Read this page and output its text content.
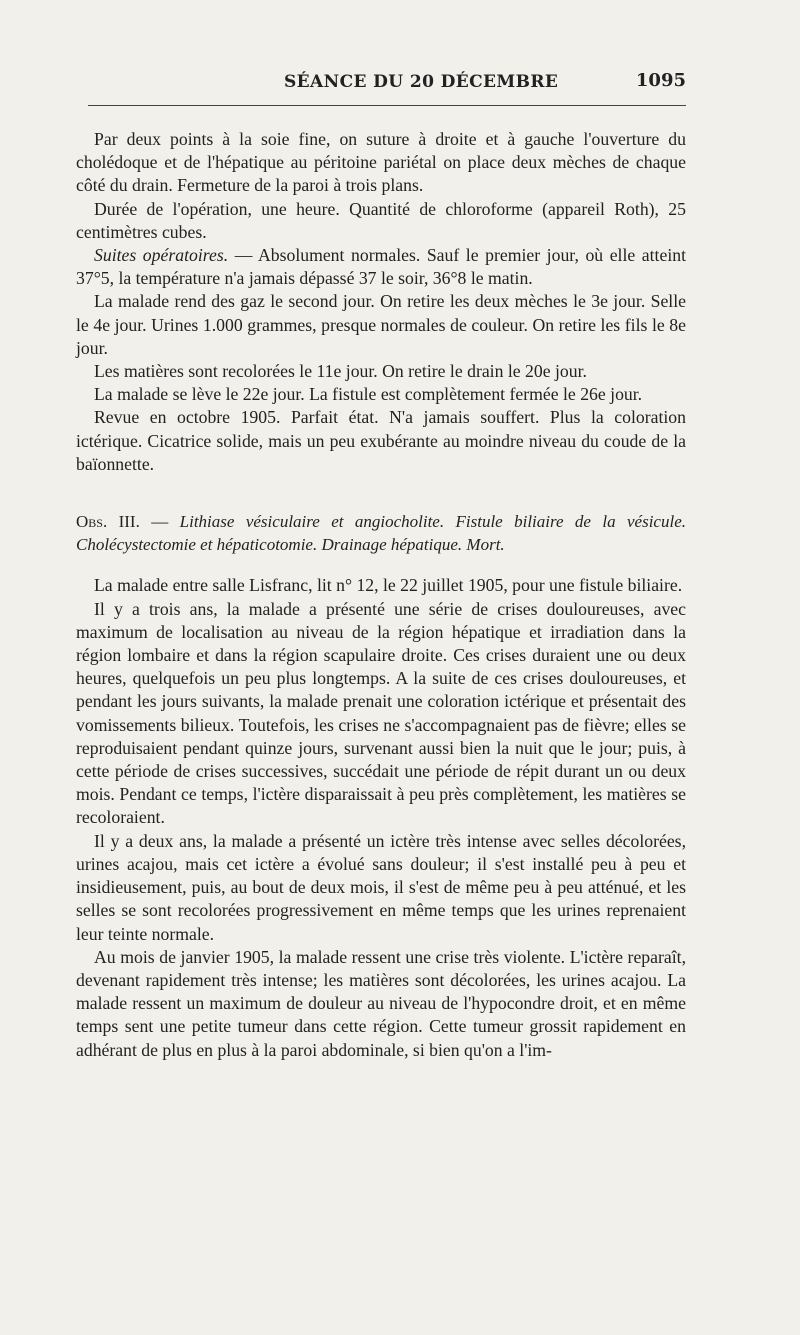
SÉANCE DU 20 DÉCEMBRE	1095

Par deux points à la soie fine, on suture à droite et à gauche l'ouverture du cholédoque et de l'hépatique au péritoine pariétal on place deux mèches de chaque côté du drain. Fermeture de la paroi à trois plans.

Durée de l'opération, une heure. Quantité de chloroforme (appareil Roth), 25 centimètres cubes.

Suites opératoires. — Absolument normales. Sauf le premier jour, où elle atteint 37°5, la température n'a jamais dépassé 37 le soir, 36°8 le matin.

La malade rend des gaz le second jour. On retire les deux mèches le 3e jour. Selle le 4e jour. Urines 1.000 grammes, presque normales de couleur. On retire les fils le 8e jour.

Les matières sont recolorées le 11e jour. On retire le drain le 20e jour.

La malade se lève le 22e jour. La fistule est complètement fermée le 26e jour.

Revue en octobre 1905. Parfait état. N'a jamais souffert. Plus la coloration ictérique. Cicatrice solide, mais un peu exubérante au moindre niveau du coude de la baïonnette.

Obs. III. — Lithiase vésiculaire et angiocholite. Fistule biliaire de la vésicule. Cholécystectomie et hépaticotomie. Drainage hépatique. Mort.

La malade entre salle Lisfranc, lit n° 12, le 22 juillet 1905, pour une fistule biliaire.

Il y a trois ans, la malade a présenté une série de crises douloureuses, avec maximum de localisation au niveau de la région hépatique et irradiation dans la région lombaire et dans la région scapulaire droite. Ces crises duraient une ou deux heures, quelquefois un peu plus longtemps. A la suite de ces crises douloureuses, et pendant les jours suivants, la malade prenait une coloration ictérique et présentait des vomissements bilieux. Toutefois, les crises ne s'accompagnaient pas de fièvre; elles se reproduisaient pendant quinze jours, survenant aussi bien la nuit que le jour; puis, à cette période de crises successives, succédait une période de répit durant un ou deux mois. Pendant ce temps, l'ictère disparaissait à peu près complètement, les matières se recoloraient.

Il y a deux ans, la malade a présenté un ictère très intense avec selles décolorées, urines acajou, mais cet ictère a évolué sans douleur; il s'est installé peu à peu et insidieusement, puis, au bout de deux mois, il s'est de même peu à peu atténué, et les selles se sont recolorées progressivement en même temps que les urines reprenaient leur teinte normale.

Au mois de janvier 1905, la malade ressent une crise très violente. L'ictère reparaît, devenant rapidement très intense; les matières sont décolorées, les urines acajou. La malade ressent un maximum de douleur au niveau de l'hypocondre droit, et en même temps sent une petite tumeur dans cette région. Cette tumeur grossit rapidement en adhérant de plus en plus à la paroi abdominale, si bien qu'on a l'im-
